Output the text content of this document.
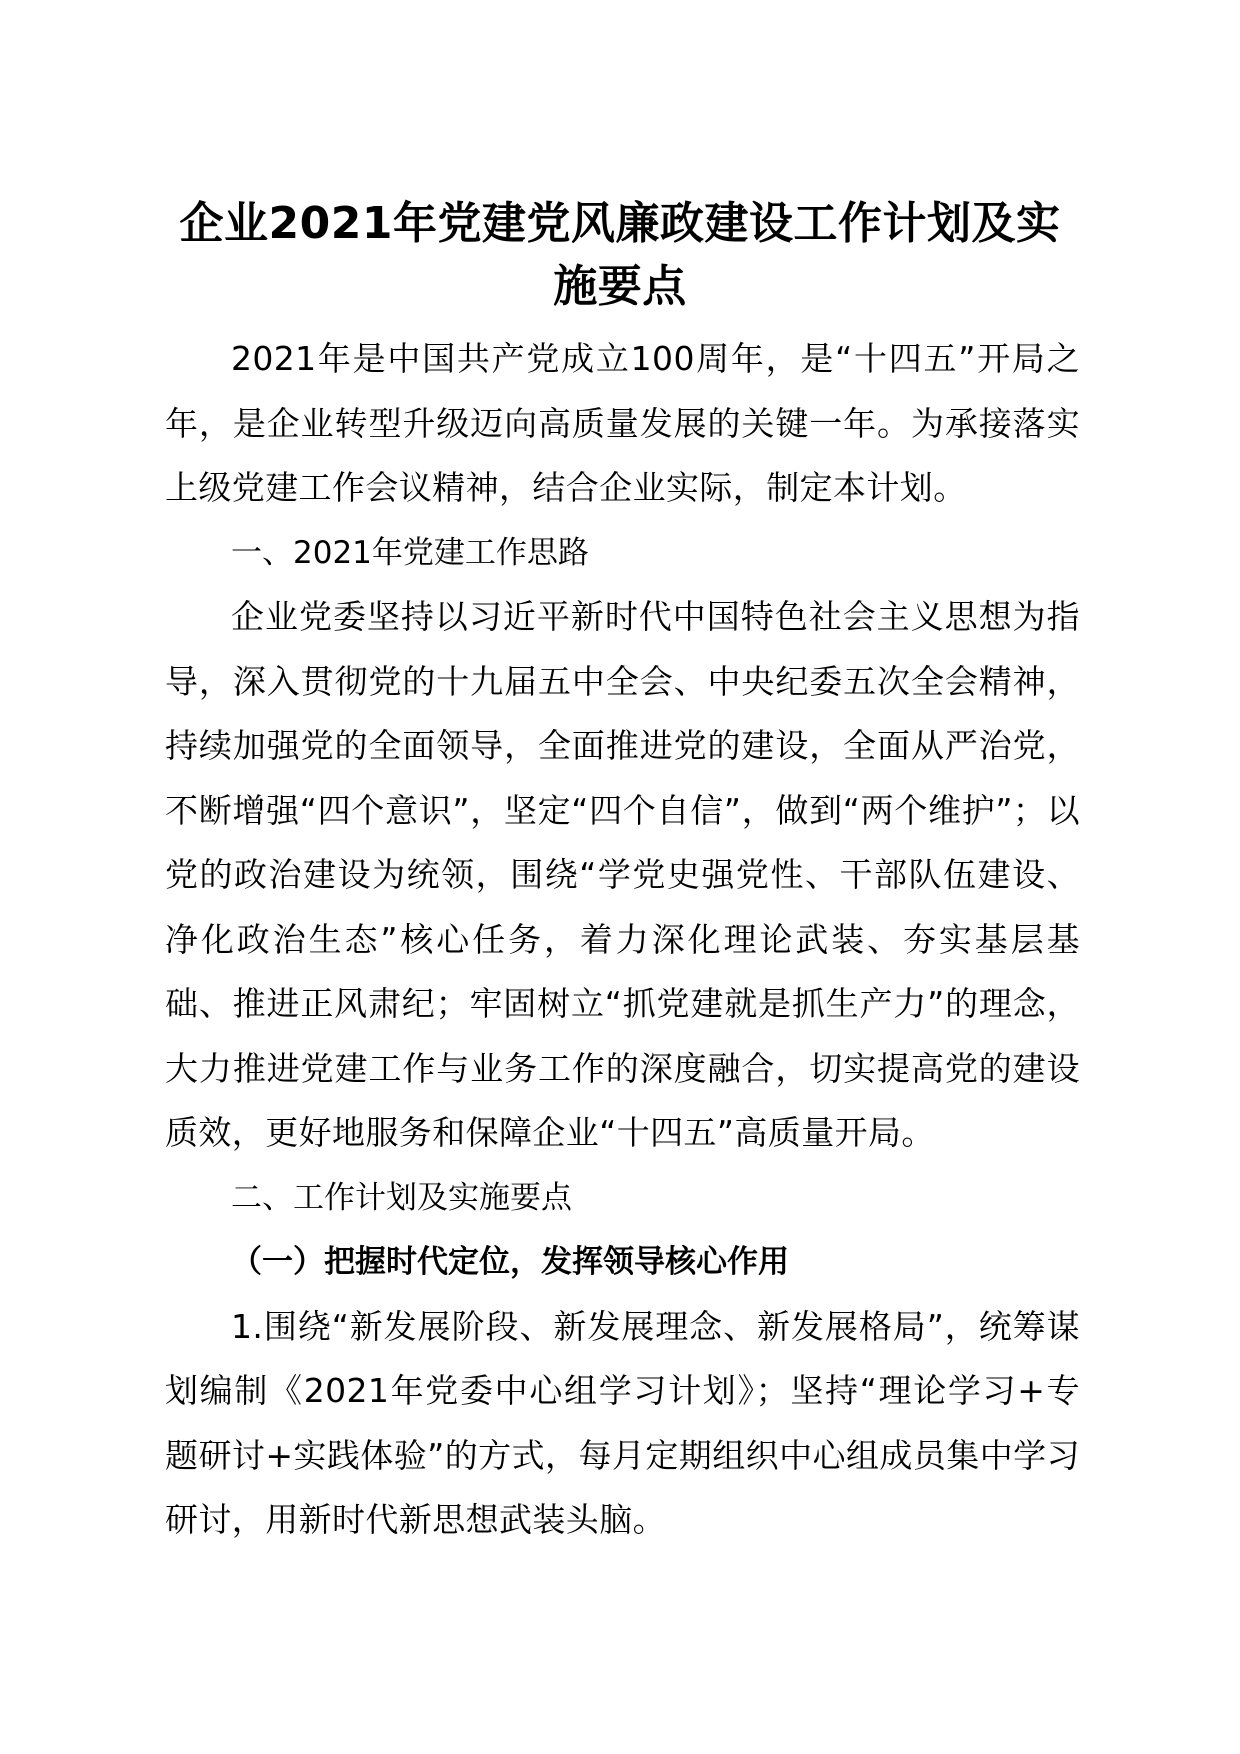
企业2021年党建党风廉政建设工作计划及实施要点

2021年是中国共产党成立100周年，是“十四五”开局之年，是企业转型升级迈向高质量发展的关键一年。为承接落实上级党建工作会议精神，结合企业实际，制定本计划。

一、2021年党建工作思路

企业党委坚持以习近平新时代中国特色社会主义思想为指导，深入贯彻党的十九届五中全会、中央纪委五次全会精神，持续加强党的全面领导，全面推进党的建设，全面从严治党，不断增强“四个意识”，坚定“四个自信”，做到“两个维护”；以党的政治建设为统领，围绕“学党史强党性、干部队伍建设、净化政治生态”核心任务，着力深化理论武装、夯实基层基础、推进正风肃纪；牢固树立“抓党建就是抓生产力”的理念，大力推进党建工作与业务工作的深度融合，切实提高党的建设质效，更好地服务和保障企业“十四五”高质量开局。

二、工作计划及实施要点

（一）把握时代定位，发挥领导核心作用

1.围绕“新发展阶段、新发展理念、新发展格局”，统筹谋划编制《2021年党委中心组学习计划》；坚持“理论学习+专题研讨+实践体验”的方式，每月定期组织中心组成员集中学习研讨，用新时代新思想武装头脑。
